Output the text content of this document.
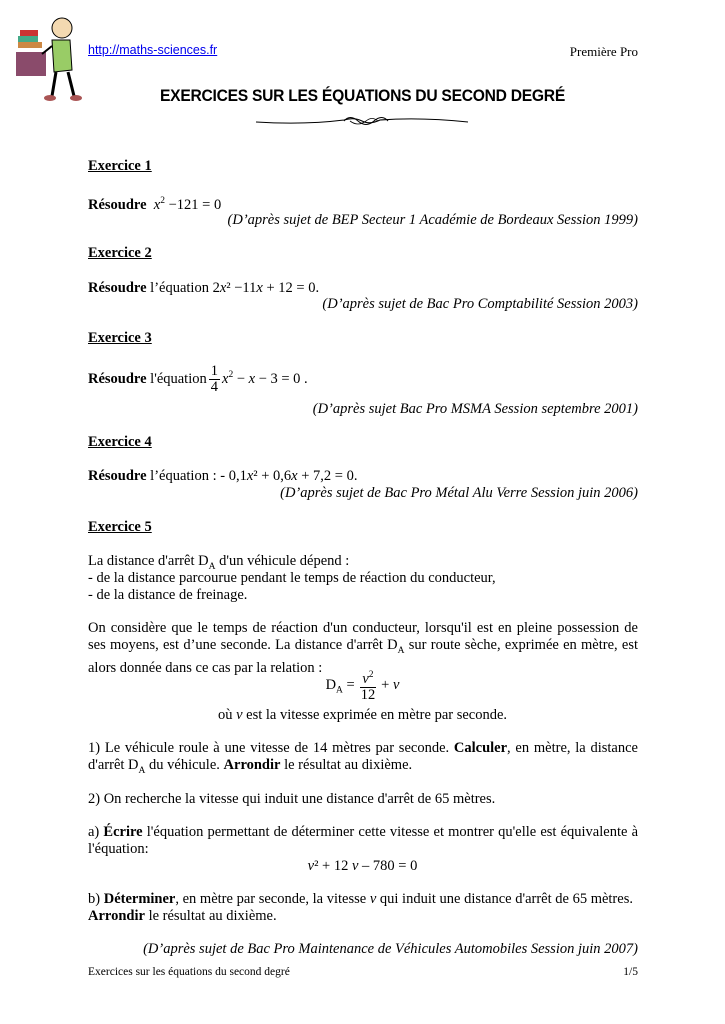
http://maths-sciences.fr	Première Pro
EXERCICES SUR LES ÉQUATIONS DU SECOND DEGRÉ
Exercice 1
Résoudre $x^2 -121 = 0$
(D’après sujet de BEP Secteur 1 Académie de Bordeaux Session 1999)
Exercice 2
Résoudre l’équation 2x² −11x + 12 = 0.
(D’après sujet de Bac Pro Comptabilité Session 2003)
Exercice 3
Résoudre l'équation $\frac{1}{4} x^2 - x - 3 = 0$ .
(D’après sujet Bac Pro MSMA Session septembre 2001)
Exercice 4
Résoudre l’équation : - 0,1x² + 0,6x + 7,2 = 0.
(D’après sujet de Bac Pro Métal Alu Verre Session juin 2006)
Exercice 5
La distance d'arrêt $D_A$ d'un véhicule dépend :
- de la distance parcourue pendant le temps de réaction du conducteur,
- de la distance de freinage.
On considère que le temps de réaction d'un conducteur, lorsqu'il est en pleine possession de ses moyens, est d’une seconde. La distance d'arrêt $D_A$ sur route sèche, exprimée en mètre, est alors donnée dans ce cas par la relation :
$D_A = \frac{v^2}{12} + v$
où v est la vitesse exprimée en mètre par seconde.
1) Le véhicule roule à une vitesse de 14 mètres par seconde. Calculer, en mètre, la distance d'arrêt $D_A$ du véhicule. Arrondir le résultat au dixième.
2) On recherche la vitesse qui induit une distance d'arrêt de 65 mètres.
a) Écrire l'équation permettant de déterminer cette vitesse et montrer qu'elle est équivalente à l'équation:
v² + 12 v – 780 = 0
b) Déterminer, en mètre par seconde, la vitesse v qui induit une distance d'arrêt de 65 mètres.
Arrondir le résultat au dixième.
(D’après sujet de Bac Pro Maintenance de Véhicules Automobiles Session juin 2007)
Exercices sur les équations du second degré	1/5
